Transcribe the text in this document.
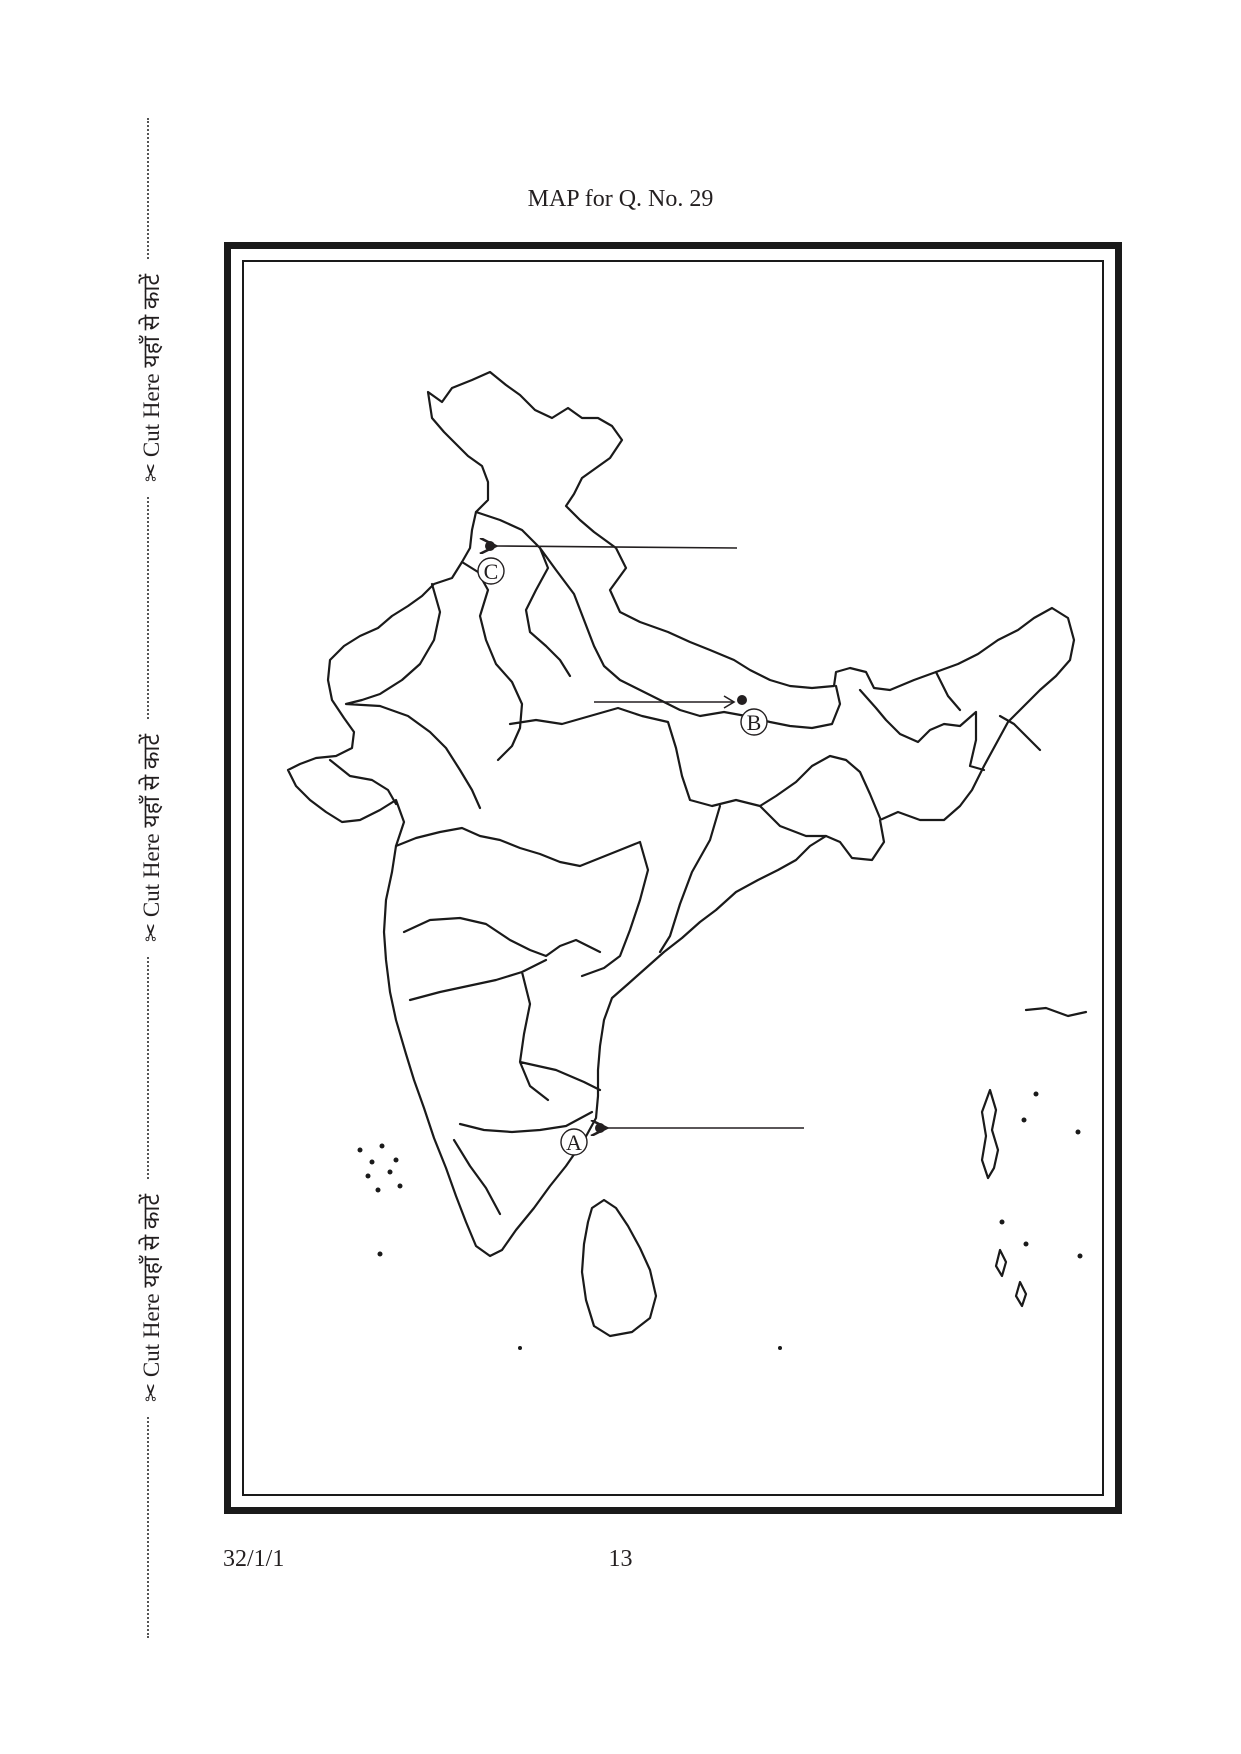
✂ Cut Here यहाँ से काटें
✂ Cut Here यहाँ से काटें
✂ Cut Here यहाँ से काटें
MAP for Q. No. 29
C
B
A
32/1/1	13
